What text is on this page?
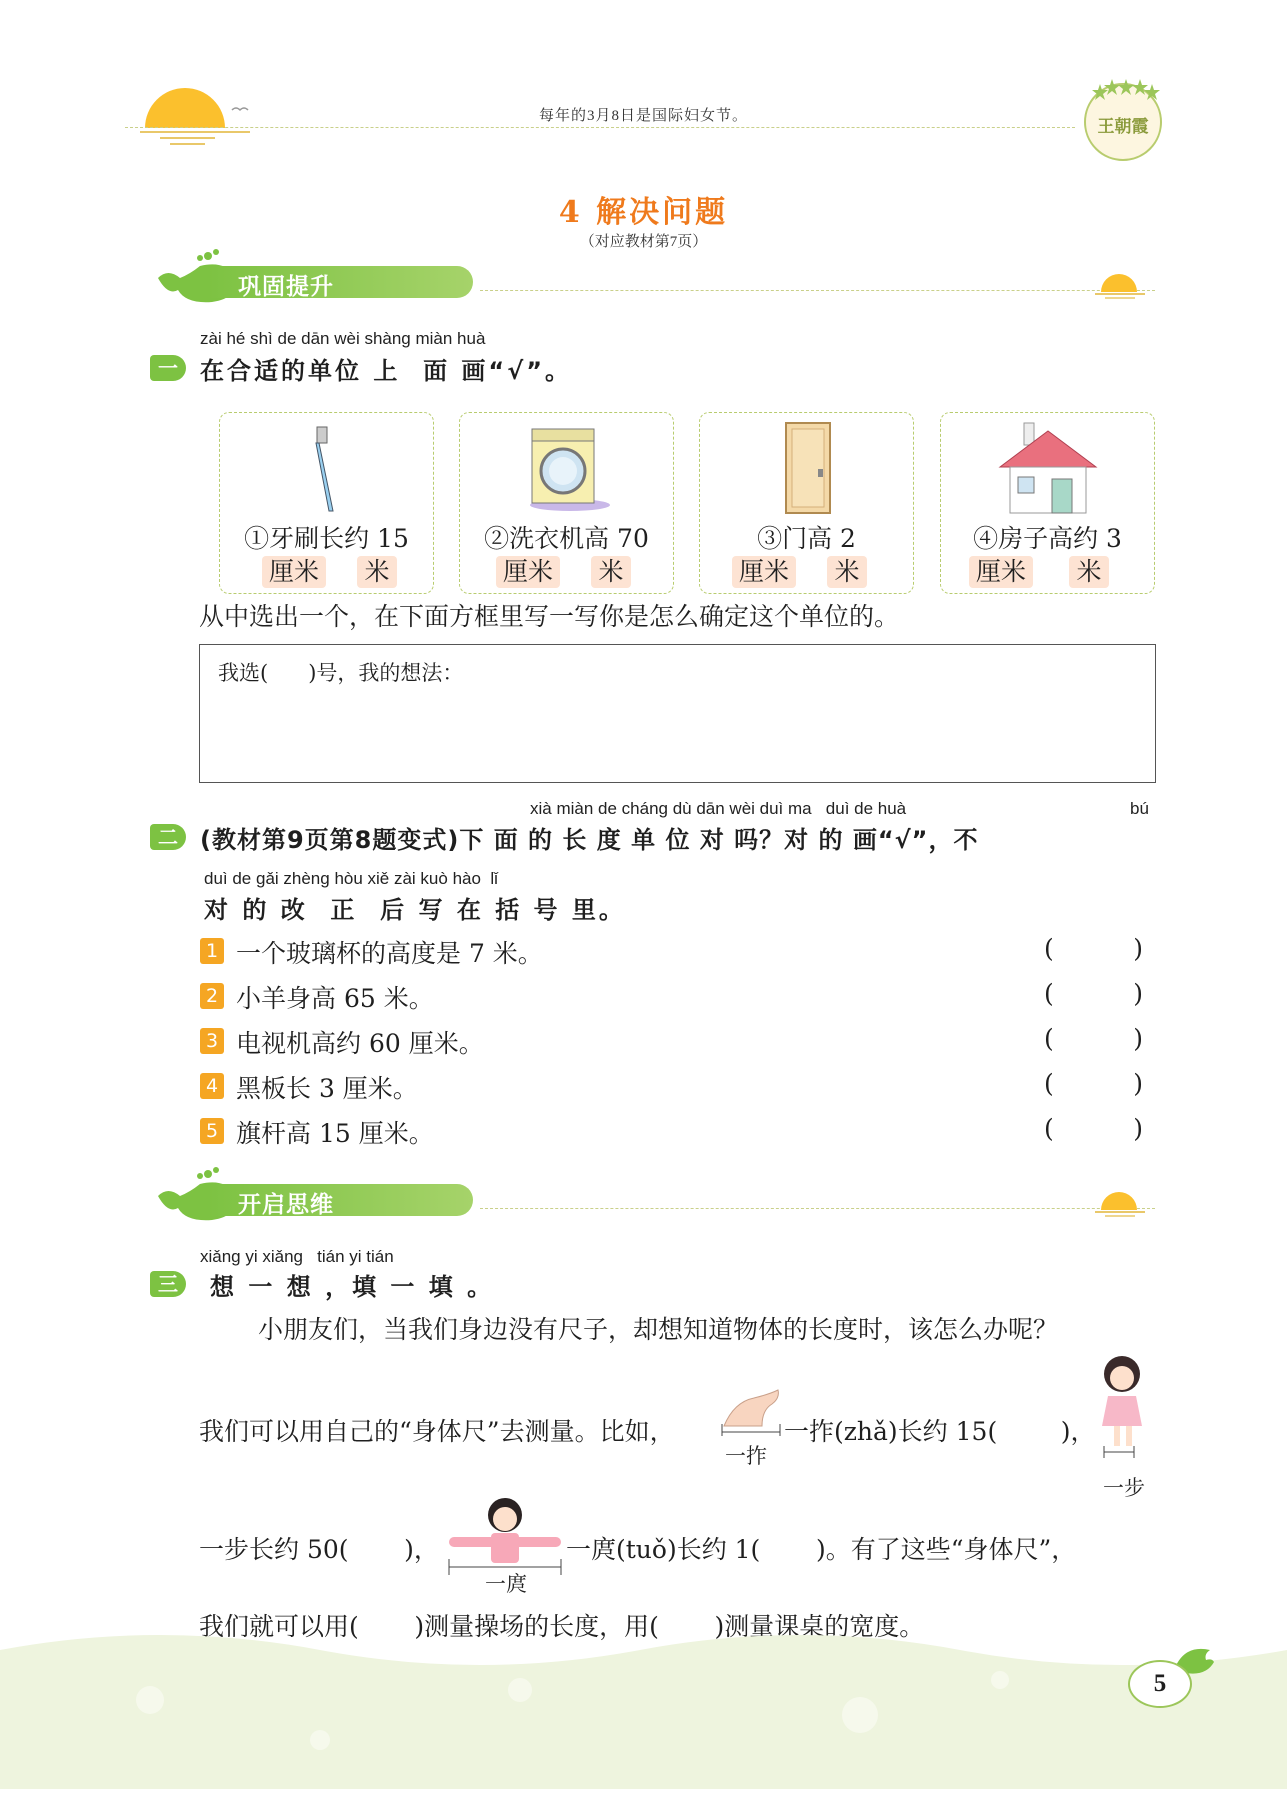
每年的3月8日是国际妇女节。
王朝霞
4 解决问题
（对应教材第7页）
巩固提升
zài hé shì de dān wèi shàng miàn huà
一 在合适的单位 上  面 画“√”。
①牙刷长约 15
厘米 米
②洗衣机高 70
厘米 米
③门高 2
厘米 米
④房子高约 3
厘米 米
从中选出一个，在下面方框里写一写你是怎么确定这个单位的。
我选(      )号，我的想法：
xià miàn de cháng dù dān wèi duì ma   duì de huà	bú
二 (教材第9页第8题变式)下 面 的 长 度 单 位 对 吗？对 的 画“√”，不
duì de gǎi zhèng hòu xiě zài kuò hào  lǐ
对 的 改  正  后 写 在 括 号 里。
1 一个玻璃杯的高度是 7 米。	(          )
2 小羊身高 65 米。	(          )
3 电视机高约 60 厘米。	(          )
4 黑板长 3 厘米。	(          )
5 旗杆高 15 厘米。	(          )
开启思维
xiǎng yi xiǎng   tián yi tián
三	想 一 想 ，填 一 填 。
小朋友们，当我们身边没有尺子，却想知道物体的长度时，该怎么办呢？
我们可以用自己的“身体尺”去测量。比如，
一拃
一拃(zhǎ)长约 15(        )，
一步
一步长约 50(       )，
一庹
一庹(tuǒ)长约 1(       )。有了这些“身体尺”，
我们就可以用(       )测量操场的长度，用(       )测量课桌的宽度。
5
